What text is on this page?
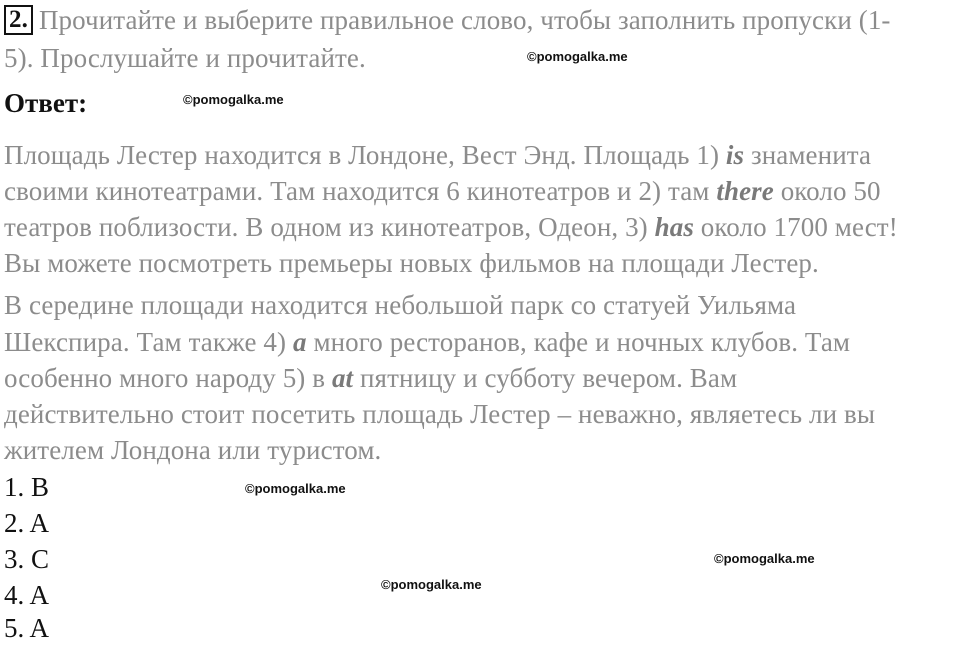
2. Прочитайте и выберите правильное слово, чтобы заполнить пропуски (1-
5). Прослушайте и прочитайте.	©pomogalka.me
Ответ:	©pomogalka.me
Площадь Лестер находится в Лондоне, Вест Энд. Площадь 1) is знаменита
своими кинотеатрами. Там находится 6 кинотеатров и 2) там there около 50
театров поблизости. В одном из кинотеатров, Одеон, 3) has около 1700 мест!
Вы можете посмотреть премьеры новых фильмов на площади Лестер.
В середине площади находится небольшой парк со статуей Уильяма
Шекспира. Там также 4) a много ресторанов, кафе и ночных клубов. Там
особенно много народу 5) в at пятницу и субботу вечером. Вам
действительно стоит посетить площадь Лестер – неважно, являетесь ли вы
жителем Лондона или туристом.
1. B	©pomogalka.me
2. A
3. C	©pomogalka.me
4. A	©pomogalka.me
5. A
